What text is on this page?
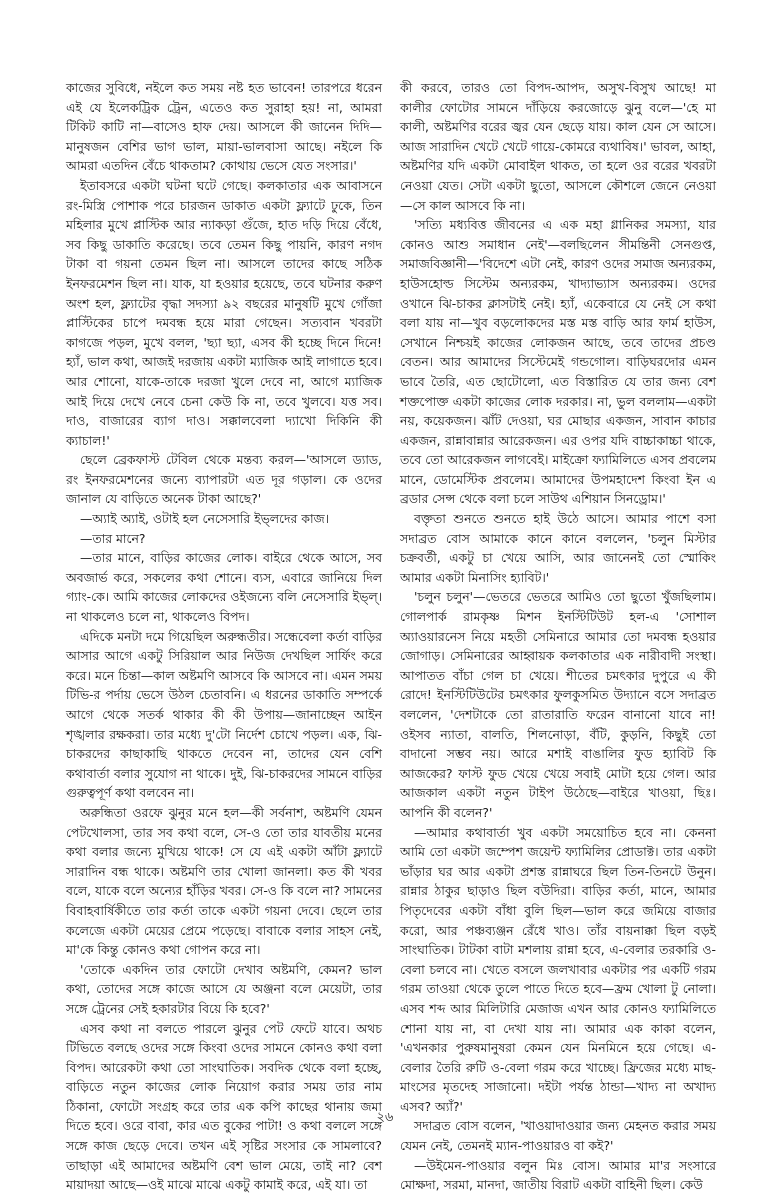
কাজের সুবিধে, নইলে কত সময় নষ্ট হত ভাবেন! তারপরে ধরেন এই যে ইলেকট্রিক ট্রেন, এতেও কত সুরাহা হয়! না, আমরা টিকিট কাটি না—বাসেও হাফ দেয়। আসলে কী জানেন দিদি—মানুষজন বেশির ভাগ ভাল, মায়া-ভালবাসা আছে। নইলে কি আমরা এতদিন বেঁচে থাকতাম? কোথায় ভেসে যেত সংসার।'

ইতাবসরে একটা ঘটনা ঘটে গেছে। কলকাতার এক আবাসনে রং-মিস্ত্রি পোশাক পরে চারজন ডাকাত একটা ফ্ল্যাটে ঢুকে, তিন মহিলার মুখে প্লাস্টিক আর ন্যাকড়া গুঁজে, হাত দড়ি দিয়ে বেঁধে, সব কিছু ডাকাতি করেছে। তবে তেমন কিছু পায়নি, কারণ নগদ টাকা বা গয়না তেমন ছিল না। আসলে তাদের কাছে সঠিক ইনফরমেশন ছিল না। যাক, যা হওয়ার হয়েছে, তবে ঘটনার করুণ অংশ হল, ফ্ল্যাটের বৃদ্ধা সদস্যা ৯২ বছরের মানুষটি মুখে গোঁজা প্লাস্টিকের চাপে দমবন্ধ হয়ে মারা গেছেন। সত্যবান খবরটা কাগজে পড়ল, মুখে বলল, 'ছ্যা ছ্যা, এসব কী হচ্ছে দিনে দিনে! হ্যাঁ, ভাল কথা, আজই দরজায় একটা ম্যাজিক আই লাগাতে হবে। আর শোনো, যাকে-তাকে দরজা খুলে দেবে না, আগে ম্যাজিক আই দিয়ে দেখে নেবে চেনা কেউ কি না, তবে খুলবে। যত্ত সব। দাও, বাজারের ব্যাগ দাও। সক্কালবেলা দ্যাখো দিকিনি কী ক্যাচাল!'

ছেলে ব্রেকফাস্ট টেবিল থেকে মন্তব্য করল—'আসলে ড্যাড, রং ইনফরমেশনের জন্যে ব্যাপারটা এত দূর গড়াল। কে ওদের জানাল যে বাড়িতে অনেক টাকা আছে?'

—অ্যাই অ্যাই, ওটাই হল নেসেসারি ইভ্‌লদের কাজ।

—তার মানে?

—তার মানে, বাড়ির কাজের লোক। বাইরে থেকে আসে, সব অবজার্ভ করে, সকলের কথা শোনে। ব্যস, এবারে জানিয়ে দিল গ্যাং-কে। আমি কাজের লোকদের ওইজন্যে বলি নেসেসারি ইভ্‌ল্। না থাকলেও চলে না, থাকলেও বিপদ।

এদিকে মনটা দমে গিয়েছিল অরুন্ধতীর। সন্ধেবেলা কর্তা বাড়ির আসার আগে একটু সিরিয়াল আর নিউজ দেখছিল সার্ফিং করে করে। মনে চিন্তা—কাল অষ্টমণি আসবে কি আসবে না। এমন সময় টিভি-র পর্দায় ভেসে উঠল চেতাবনি। এ ধরনের ডাকাতি সম্পর্কে আগে থেকে সতর্ক থাকার কী কী উপায়—জানাচ্ছেন আইন শৃঙ্খলার রক্ষকরা। তার মধ্যে দু'টো নির্দেশ চোখে পড়ল। এক, ঝি-চাকরদের কাছাকাছি থাকতে দেবেন না, তাদের যেন বেশি কথাবার্তা বলার সুযোগ না থাকে। দুই, ঝি-চাকরদের সামনে বাড়ির গুরুত্বপূর্ণ কথা বলবেন না।

অরুন্ধিতা ওরফে ঝুনুর মনে হল—কী সর্বনাশ, অষ্টমণি যেমন পেটখোলসা, তার সব কথা বলে, সে-ও তো তার যাবতীয় মনের কথা বলার জন্যে মুখিয়ে থাকে! সে যে এই একটা আঁটা ফ্ল্যাটে সারাদিন বন্ধ থাকে। অষ্টমণি তার খোলা জানলা। কত কী খবর বলে, যাকে বলে অন্যের হাঁড়ির খবর। সে-ও কি বলে না? সামনের বিবাহবার্ষিকীতে তার কর্তা তাকে একটা গয়না দেবে। ছেলে তার কলেজে একটা মেয়ের প্রেমে পড়েছে। বাবাকে বলার সাহস নেই, মা'কে কিন্তু কোনও কথা গোপন করে না।

'তোকে একদিন তার ফোটো দেখাব অষ্টমণি, কেমন? ভাল কথা, তোদের সঙ্গে কাজে আসে যে অঞ্জনা বলে মেয়েটা, তার সঙ্গে ট্রেনের সেই হকারটার বিয়ে কি হবে?'

এসব কথা না বলতে পারলে ঝুনুর পেট ফেটে যাবে। অথচ টিভিতে বলছে ওদের সঙ্গে কিংবা ওদের সামনে কোনও কথা বলা বিপদ। আরেকটা কথা তো সাংঘাতিক। সবদিক থেকে বলা হচ্ছে, বাড়িতে নতুন কাজের লোক নিয়োগ করার সময় তার নাম ঠিকানা, ফোটো সংগ্রহ করে তার এক কপি কাছের থানায় জমা দিতে হবে। ওরে বাবা, কার এত বুকের পাটা! ও কথা বললে সঙ্গে সঙ্গে কাজ ছেড়ে দেবে। তখন এই সৃষ্টির সংসার কে সামলাবে? তাছাড়া এই আমাদের অষ্টমণি বেশ ভাল মেয়ে, তাই না? বেশ মায়াদয়া আছে—ওই মাঝে মাঝে একটু কামাই করে, এই যা। তা

কী করবে, তারও তো বিপদ-আপদ, অসুখ-বিসুখ আছে! মা কালীর ফোটোর সামনে দাঁড়িয়ে করজোড়ে ঝুনু বলে—'হে মা কালী, অষ্টমণির বরের জ্বর যেন ছেড়ে যায়। কাল যেন সে আসে। আজ সারাদিন খেটে খেটে গায়ে-কোমরে ব্যথাবিষ।' ভাবল, আহা, অষ্টমণির যদি একটা মোবাইল থাকত, তা হলে ওর বরের খবরটা নেওয়া যেত। সেটা একটা ছুতো, আসলে কৌশলে জেনে নেওয়া—সে কাল আসবে কি না।

'সত্যি মধ্যবিত্ত জীবনের এ এক মহা গ্লানিকর সমস্যা, যার কোনও আশু সমাধান নেই'—বলছিলেন সীমন্তিনী সেনগুপ্ত, সমাজবিজ্ঞানী—'বিদেশে এটা নেই, কারণ ওদের সমাজ অন্যরকম, হাউসহোল্ড সিস্টেম অন্যরকম, খাদ্যাভ্যাস অন্যরকম। ওদের ওখানে ঝি-চাকর ক্লাসটাই নেই। হ্যাঁ, একেবারে যে নেই সে কথা বলা যায় না—খুব বড়লোকদের মস্ত মস্ত বাড়ি আর ফার্ম হাউস, সেখানে নিশ্চয়ই কাজের লোকজন আছে, তবে তাদের প্রচণ্ড বেতন। আর আমাদের সিস্টেমেই গন্ডগোল। বাড়িঘরদোর এমন ভাবে তৈরি, এত ছোটোলো, এত বিস্তারিত যে তার জন্য বেশ শক্তপোক্ত একটা কাজের লোক দরকার। না, ভুল বললাম—একটা নয়, কয়েকজন। ঝাঁট দেওয়া, ঘর মোছার একজন, সাবান কাচার একজন, রান্নাবান্নার আরেকজন। এর ওপর যদি বাচ্চাকাচ্চা থাকে, তবে তো আরেকজন লাগবেই। মাইক্রো ফ্যামিলিতে এসব প্রবলেম মানে, ডোমেস্টিক প্রবলেম। আমাদের উপমহাদেশ কিংবা ইন এ ব্রডার সেন্স থেকে বলা চলে সাউথ এশিয়ান সিনড্রোম।'

বক্তৃতা শুনতে শুনতে হাই উঠে আসে। আমার পাশে বসা সদাব্রত বোস আমাকে কানে কানে বললেন, 'চলুন মিস্টার চক্রবর্তী, একটু চা খেয়ে আসি, আর জানেনই তো স্মোকিং আমার একটা মিনাসিং হ্যাবিট।'

'চলুন চলুন'—ভেতরে ভেতরে আমিও তো ছুতো খুঁজছিলাম। গোলপার্ক রামকৃষ্ণ মিশন ইনস্টিটিউট হল-এ 'সোশাল অ্যাওয়ারনেস নিয়ে মহতী সেমিনারে আমার তো দমবন্ধ হওয়ার জোগাড়। সেমিনারের আহ্বায়ক কলকাতার এক নারীবাদী সংস্থা। আপাতত বাঁচা গেল চা খেয়ে। শীতের চমৎকার দুপুরে এ কী রোদে! ইনস্টিটিউটের চমৎকার ফুলকুসমিত উদ্যানে বসে সদাব্রত বললেন, 'দেশটাকে তো রাতারাতি ফরেন বানানো যাবে না! ওইসব ন্যাতা, বালতি, শিলনোড়া, বঁটি, কুড়নি, কিছুই তো বাদানো সম্ভব নয়। আরে মশাই বাঙালির ফুড হ্যাবিট কি আজকের? ফাস্ট ফুড খেয়ে খেয়ে সবাই মোটা হয়ে গেল। আর আজকাল একটা নতুন টাইপ উঠেছে—বাইরে খাওয়া, ছিঃ। আপনি কী বলেন?'

—আমার কথাবার্তা খুব একটা সময়োচিত হবে না। কেননা আমি তো একটা জম্পেশ জয়েন্ট ফ্যামিলির প্রোডাক্ট। তার একটা ভাঁড়ার ঘর আর একটা প্রশস্ত রান্নাঘরে ছিল তিন-তিনটে উনুন। রান্নার ঠাকুর ছাড়াও ছিল বউদিরা। বাড়ির কর্তা, মানে, আমার পিতৃদেবের একটা বাঁধা বুলি ছিল—ভাল করে জমিয়ে বাজার করো, আর পঞ্চব্যঞ্জন রেঁধে খাও। তাঁর বায়নাক্কা ছিল বড়ই সাংঘাতিক। টাটকা বাটা মশলায় রান্না হবে, এ-বেলার তরকারি ও-বেলা চলবে না। খেতে বসলে জলখাবার একটার পর একটি গরম গরম তাওয়া থেকে তুলে পাতে দিতে হবে—ফ্রম খোলা টু নোলা। এসব শব্দ আর মিলিটারি মেজাজ এখন আর কোনও ফ্যামিলিতে শোনা যায় না, বা দেখা যায় না। আমার এক কাকা বলেন, 'এখনকার পুরুষমানুষরা কেমন যেন মিনমিনে হয়ে গেছে। এ-বেলার তৈরি রুটি ও-বেলা গরম করে খাচ্ছে। ফ্রিজের মধ্যে মাছ-মাংসের মৃতদেহ সাজানো। দইটা পর্যন্ত ঠান্ডা—খাদ্য না অখাদ্য এসব? অ্যাঁ?'

সদাব্রত বোস বলেন, 'খাওয়াদাওয়ার জন্য মেহনত করার সময় যেমন নেই, তেমনই ম্যান-পাওয়ারও বা কই?'

—উইমেন-পাওয়ার বলুন মিঃ বোস। আমার মা'র সংসারে মোক্ষদা, সরমা, মানদা, জাতীয় বিরাট একটা বাহিনী ছিল। কেউ

২৬
